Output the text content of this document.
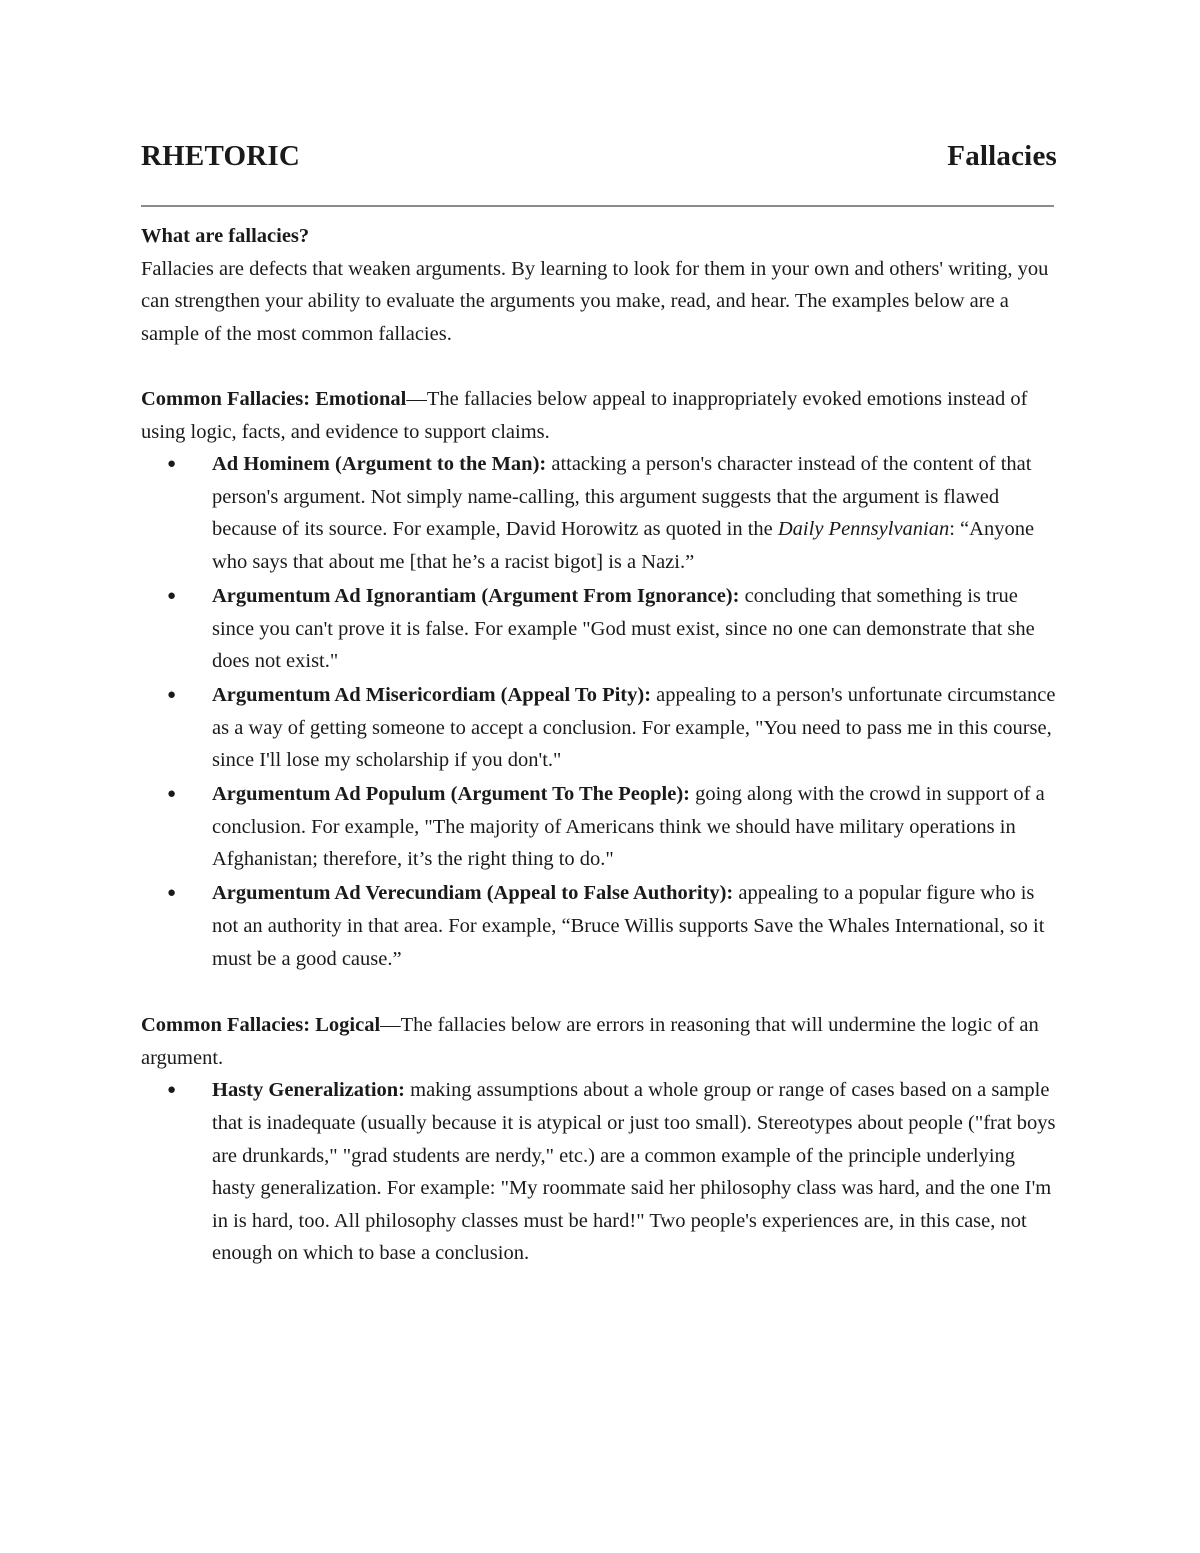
RHETORIC	Fallacies

What are fallacies?

Fallacies are defects that weaken arguments. By learning to look for them in your own and others' writing, you can strengthen your ability to evaluate the arguments you make, read, and hear. The examples below are a sample of the most common fallacies.

Common Fallacies: Emotional—The fallacies below appeal to inappropriately evoked emotions instead of using logic, facts, and evidence to support claims.

● Ad Hominem (Argument to the Man): attacking a person's character instead of the content of that person's argument. Not simply name-calling, this argument suggests that the argument is flawed because of its source. For example, David Horowitz as quoted in the Daily Pennsylvanian: “Anyone who says that about me [that he’s a racist bigot] is a Nazi.”
● Argumentum Ad Ignorantiam (Argument From Ignorance): concluding that something is true since you can't prove it is false. For example "God must exist, since no one can demonstrate that she does not exist."
● Argumentum Ad Misericordiam (Appeal To Pity): appealing to a person's unfortunate circumstance as a way of getting someone to accept a conclusion. For example, "You need to pass me in this course, since I'll lose my scholarship if you don't."
● Argumentum Ad Populum (Argument To The People): going along with the crowd in support of a conclusion. For example, "The majority of Americans think we should have military operations in Afghanistan; therefore, it’s the right thing to do."
● Argumentum Ad Verecundiam (Appeal to False Authority): appealing to a popular figure who is not an authority in that area. For example, “Bruce Willis supports Save the Whales International, so it must be a good cause.”

Common Fallacies: Logical—The fallacies below are errors in reasoning that will undermine the logic of an argument.

● Hasty Generalization: making assumptions about a whole group or range of cases based on a sample that is inadequate (usually because it is atypical or just too small). Stereotypes about people ("frat boys are drunkards," "grad students are nerdy," etc.) are a common example of the principle underlying hasty generalization. For example: "My roommate said her philosophy class was hard, and the one I'm in is hard, too. All philosophy classes must be hard!" Two people's experiences are, in this case, not enough on which to base a conclusion.
